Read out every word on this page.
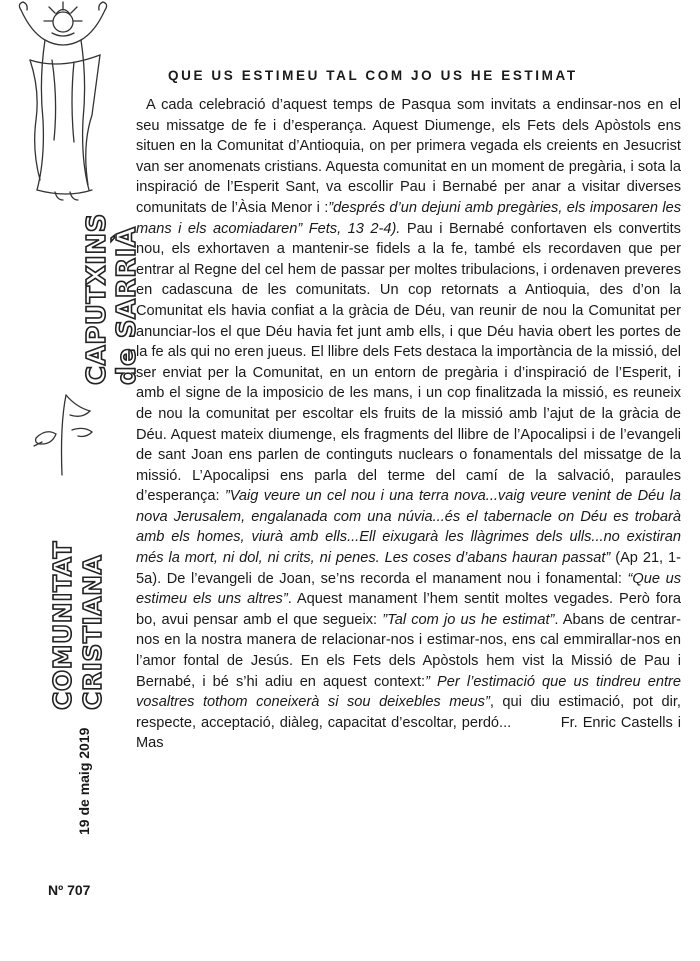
COMUNITAT CRISTIANA
CAPUTXINS de SARRIÀ
19 de maig 2019
Nº 707
QUE US ESTIMEU TAL COM JO US HE ESTIMAT

A cada celebració d’aquest temps de Pasqua som invitats a endinsar-nos en el seu missatge de fe i d’esperança. Aquest Diumenge, els Fets dels Apòstols ens situen en la Comunitat d’Antioquia, on per primera vegada els creients en Jesucrist van ser anomenats cristians. Aquesta comunitat en un moment de pregària, i sota la inspiració de l’Esperit Sant, va escollir Pau i Bernabé per anar a visitar diverses comunitats de l’Àsia Menor i :”després d’un dejuni amb pregàries, els imposaren les mans i els acomiadaren” Fets, 13 2-4). Pau i Bernabé confortaven els convertits nou, els exhortaven a mantenir-se fidels a la fe, també els recordaven que per entrar al Regne del cel hem de passar per moltes tribulacions, i ordenaven preveres en cadascuna de les comunitats. Un cop retornats a Antioquia, des d’on la Comunitat els havia confiat a la gràcia de Déu, van reunir de nou la Comunitat per anunciar-los el que Déu havia fet junt amb ells, i que Déu havia obert les portes de la fe als qui no eren jueus. El llibre dels Fets destaca la importància de la missió, del ser enviat per la Comunitat, en un entorn de pregària i d’inspiració de l’Esperit, i amb el signe de la imposicio de les mans, i un cop finalitzada la missió, es reuneix de nou la comunitat per escoltar els fruits de la missió amb l’ajut de la gràcia de Déu. Aquest mateix diumenge, els fragments del llibre de l’Apocalipsi i de l’evangeli de sant Joan ens parlen de continguts nuclears o fonamentals del missatge de la missió. L’Apocalipsi ens parla del terme del camí de la salvació, paraules d’esperança: ”Vaig veure un cel nou i una terra nova...vaig veure venint de Déu la nova Jerusalem, engalanada com una núvia...és el tabernacle on Déu es trobarà amb els homes, viurà amb ells...Ell eixugarà les llàgrimes dels ulls...no existiran més la mort, ni dol, ni crits, ni penes. Les coses d’abans hauran passat” (Ap 21, 1-5a). De l’evangeli de Joan, se’ns recorda el manament nou i fonamental: “Que us estimeu els uns altres”. Aquest manament l’hem sentit moltes vegades. Però fora bo, avui pensar amb el que segueix: ”Tal com jo us he estimat”. Abans de centrar-nos en la nostra manera de relacionar-nos i estimar-nos, ens cal emmirallar-nos en l’amor fontal de Jesús. En els Fets dels Apòstols hem vist la Missió de Pau i Bernabé, i bé s’hi adiu en aquest context:” Per l’estimació que us tindreu entre vosaltres tothom coneixerà si sou deixebles meus”, qui diu estimació, pot dir, respecte, acceptació, diàleg, capacitat d’escoltar, perdó...	Fr. Enric Castells i Mas
